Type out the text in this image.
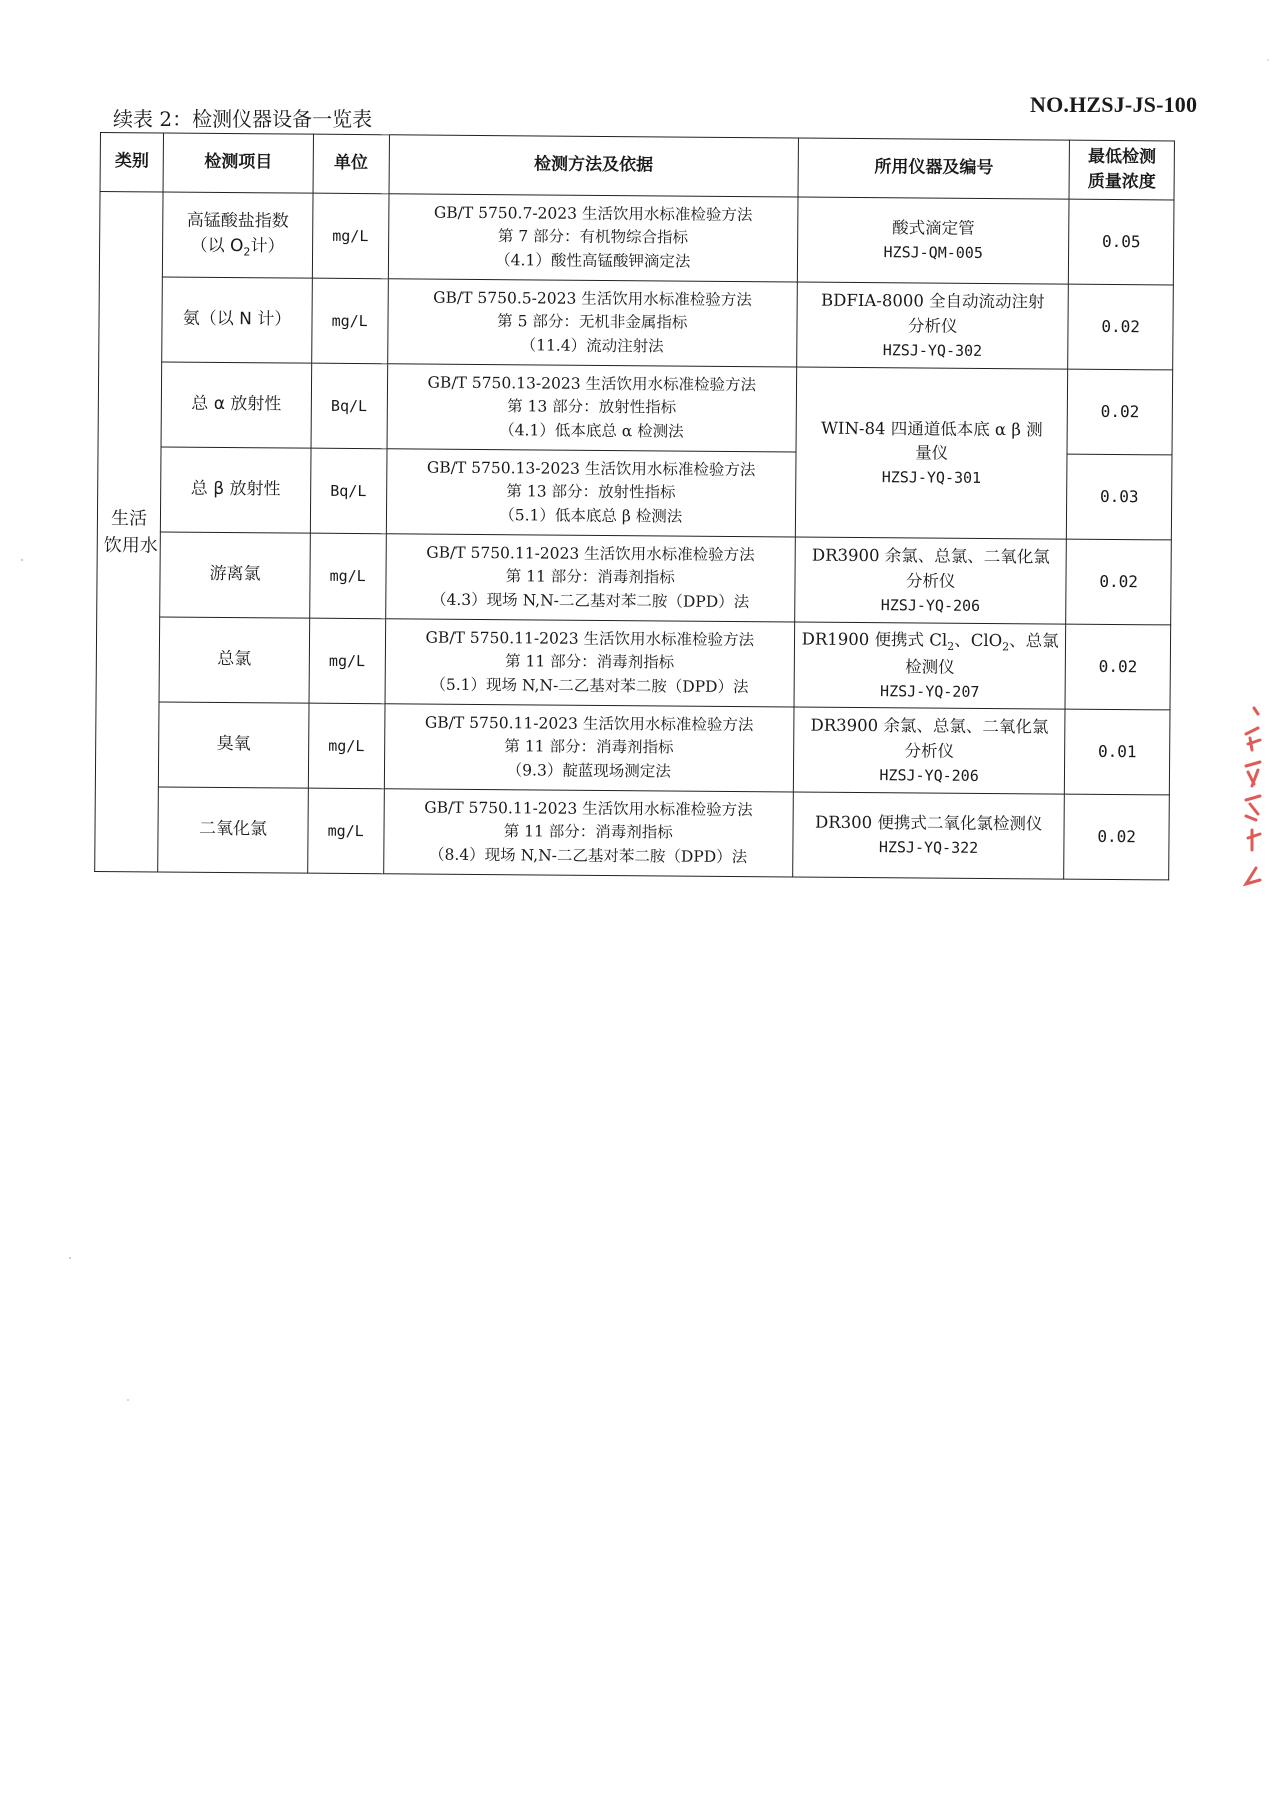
NO.HZSJ-JS-100
续表 2：检测仪器设备一览表
类别	检测项目	单位	检测方法及依据	所用仪器及编号	最低检测
质量浓度

生活
饮用水	高锰酸盐指数
（以 $O_2$计）	mg/L	GB/T 5750.7-2023 生活饮用水标准检验方法
第 7 部分：有机物综合指标
（4.1）酸性高锰酸钾滴定法	酸式滴定管
HZSJ-QM-005	0.05
	氨（以 N 计）	mg/L	GB/T 5750.5-2023 生活饮用水标准检验方法
第 5 部分：无机非金属指标
（11.4）流动注射法	BDFIA-8000 全自动流动注射
分析仪
HZSJ-YQ-302	0.02
	总 α 放射性	Bq/L	GB/T 5750.13-2023 生活饮用水标准检验方法
第 13 部分：放射性指标
（4.1）低本底总 α 检测法	WIN-84 四通道低本底 α β 测
量仪
HZSJ-YQ-301	0.02
	总 β 放射性	Bq/L	GB/T 5750.13-2023 生活饮用水标准检验方法
第 13 部分：放射性指标
（5.1）低本底总 β 检测法		0.03
	游离氯	mg/L	GB/T 5750.11-2023 生活饮用水标准检验方法
第 11 部分：消毒剂指标
（4.3）现场 N,N-二乙基对苯二胺（DPD）法	DR3900 余氯、总氯、二氧化氯
分析仪
HZSJ-YQ-206	0.02
	总氯	mg/L	GB/T 5750.11-2023 生活饮用水标准检验方法
第 11 部分：消毒剂指标
（5.1）现场 N,N-二乙基对苯二胺（DPD）法	DR1900 便携式 $Cl_2$、ClO$_2$、总氯
检测仪
HZSJ-YQ-207	0.02
	臭氧	mg/L	GB/T 5750.11-2023 生活饮用水标准检验方法
第 11 部分：消毒剂指标
（9.3）靛蓝现场测定法	DR3900 余氯、总氯、二氧化氯
分析仪
HZSJ-YQ-206	0.01
	二氧化氯	mg/L	GB/T 5750.11-2023 生活饮用水标准检验方法
第 11 部分：消毒剂指标
（8.4）现场 N,N-二乙基对苯二胺（DPD）法	DR300 便携式二氧化氯检测仪
HZSJ-YQ-322	0.02
